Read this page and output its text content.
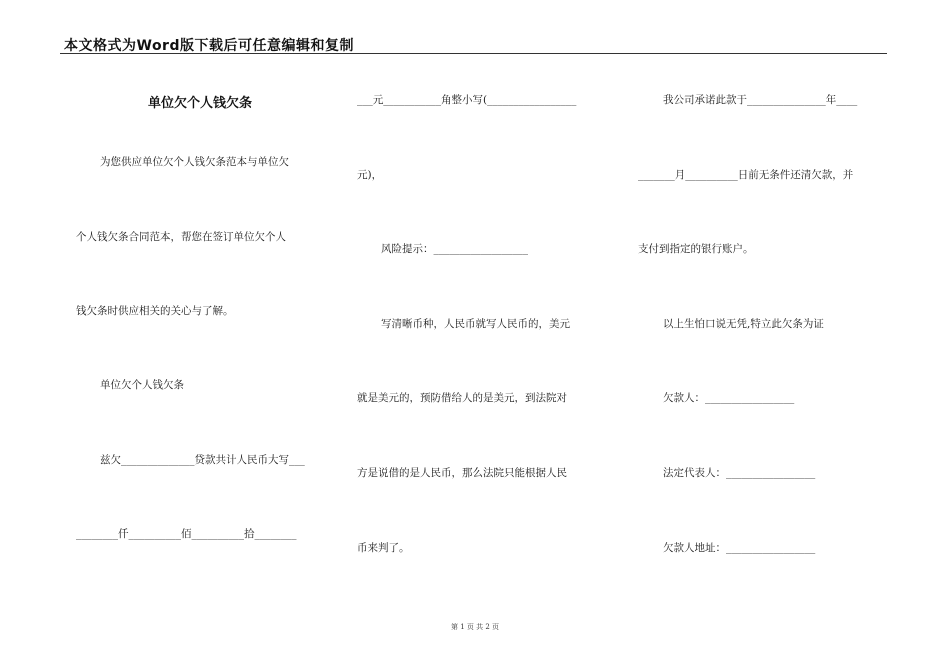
本文格式为Word版下载后可任意编辑和复制
单位欠个人钱欠条
为您供应单位欠个人钱欠条范本与单位欠
个人钱欠条合同范本，帮您在签订单位欠个人
钱欠条时供应相关的关心与了解。
单位欠个人钱欠条
兹欠______________贷款共计人民币大写___
________仟__________佰__________拾________
___元___________角整小写(_________________
元)，
风险提示：__________________
写清晰币种，人民币就写人民币的，美元
就是美元的，预防借给人的是美元，到法院对
方是说借的是人民币，那么法院只能根据人民
币来判了。
我公司承诺此款于_______________年____
_______月__________日前无条件还清欠款，并
支付到指定的银行账户。
以上生怕口说无凭,特立此欠条为证
欠款人：_________________
法定代表人：_________________
欠款人地址：_________________
第 1 页 共 2 页
